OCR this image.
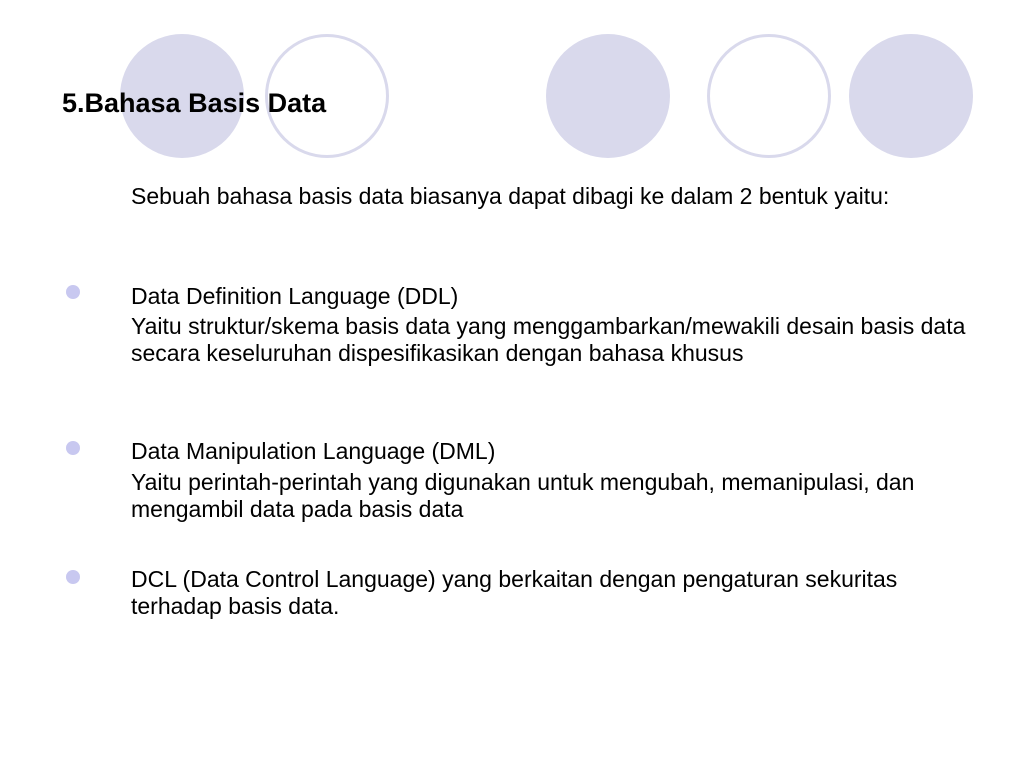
5.Bahasa Basis Data

Sebuah bahasa basis data biasanya dapat dibagi ke dalam 2 bentuk yaitu:

Data Definition Language (DDL)

Yaitu struktur/skema basis data yang menggambarkan/mewakili desain basis data secara keseluruhan dispesifikasikan dengan bahasa khusus

Data Manipulation Language (DML)

Yaitu perintah-perintah yang digunakan untuk mengubah, memanipulasi, dan mengambil data pada basis data

DCL (Data Control Language) yang berkaitan dengan pengaturan sekuritas terhadap basis data.
